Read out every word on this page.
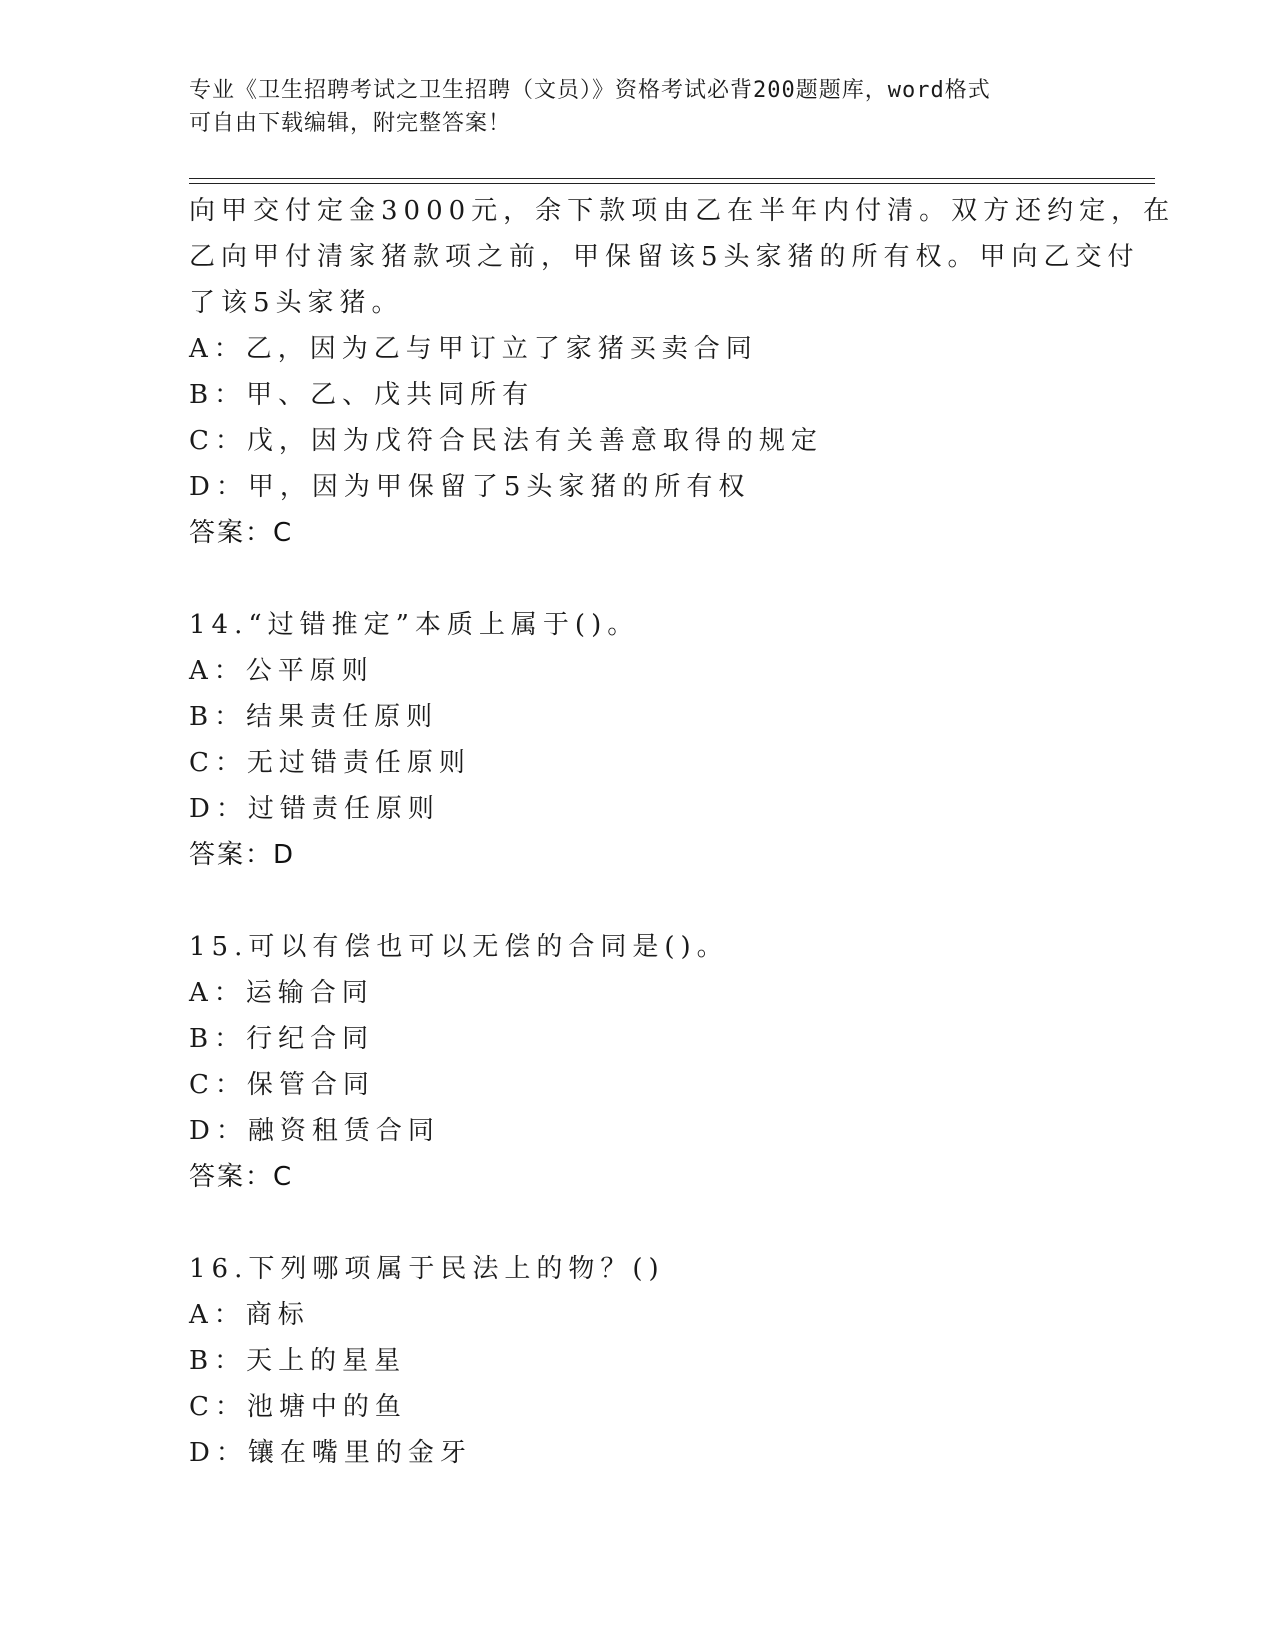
专业《卫生招聘考试之卫生招聘（文员）》资格考试必背200题题库，word格式
可自由下载编辑，附完整答案！
向甲交付定金3000元，余下款项由乙在半年内付清。双方还约定，在
乙向甲付清家猪款项之前，甲保留该5头家猪的所有权。甲向乙交付
了该5头家猪。
A：乙，因为乙与甲订立了家猪买卖合同
B：甲、乙、戊共同所有
C：戊，因为戊符合民法有关善意取得的规定
D：甲，因为甲保留了5头家猪的所有权
答案：C
14.“过错推定”本质上属于()。
A：公平原则
B：结果责任原则
C：无过错责任原则
D：过错责任原则
答案：D
15.可以有偿也可以无偿的合同是()。
A：运输合同
B：行纪合同
C：保管合同
D：融资租赁合同
答案：C
16.下列哪项属于民法上的物？()
A：商标
B：天上的星星
C：池塘中的鱼
D：镶在嘴里的金牙
